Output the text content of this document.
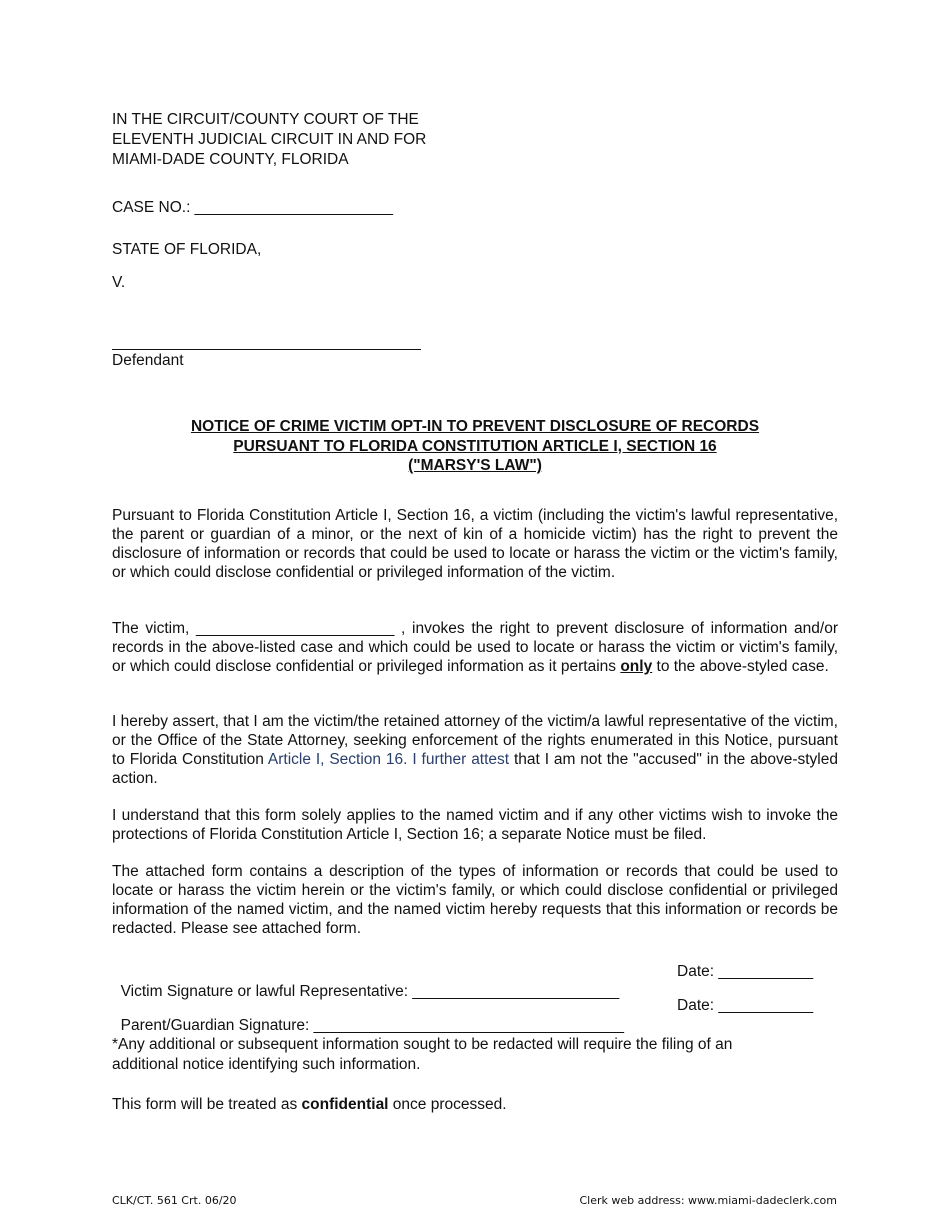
IN THE CIRCUIT/COUNTY COURT OF THE
ELEVENTH JUDICIAL CIRCUIT IN AND FOR
MIAMI-DADE COUNTY, FLORIDA
CASE NO.: _______________________
STATE OF FLORIDA,
V.
Defendant
NOTICE OF CRIME VICTIM OPT-IN TO PREVENT DISCLOSURE OF RECORDS
PURSUANT TO FLORIDA CONSTITUTION ARTICLE I, SECTION 16
("MARSY'S LAW")
Pursuant to Florida Constitution Article I, Section 16, a victim (including the victim's lawful representative, the parent or guardian of a minor, or the next of kin of a homicide victim) has the right to prevent the disclosure of information or records that could be used to locate or harass the victim or the victim's family, or which could disclose confidential or privileged information of the victim.
The victim, _______________________ , invokes the right to prevent disclosure of information and/or records in the above-listed case and which could be used to locate or harass the victim or victim's family, or which could disclose confidential or privileged information as it pertains only to the above-styled case.
I hereby assert, that I am the victim/the retained attorney of the victim/a lawful representative of the victim, or the Office of the State Attorney, seeking enforcement of the rights enumerated in this Notice, pursuant to Florida Constitution Article I, Section 16. I further attest that I am not the "accused" in the above-styled action.
I understand that this form solely applies to the named victim and if any other victims wish to invoke the protections of Florida Constitution Article I, Section 16; a separate Notice must be filed.
The attached form contains a description of the types of information or records that could be used to locate or harass the victim herein or the victim's family, or which could disclose confidential or privileged information of the named victim, and the named victim hereby requests that this information or records be redacted. Please see attached form.

Victim Signature or lawful Representative: ________________________

Date: ___________

Parent/Guardian Signature: ____________________________________

Date: ___________

*Any additional or subsequent information sought to be redacted will require the filing of an
additional notice identifying such information.
This form will be treated as confidential once processed.
CLK/CT. 561 Crt. 06/20	Clerk web address: www.miami-dadeclerk.com
